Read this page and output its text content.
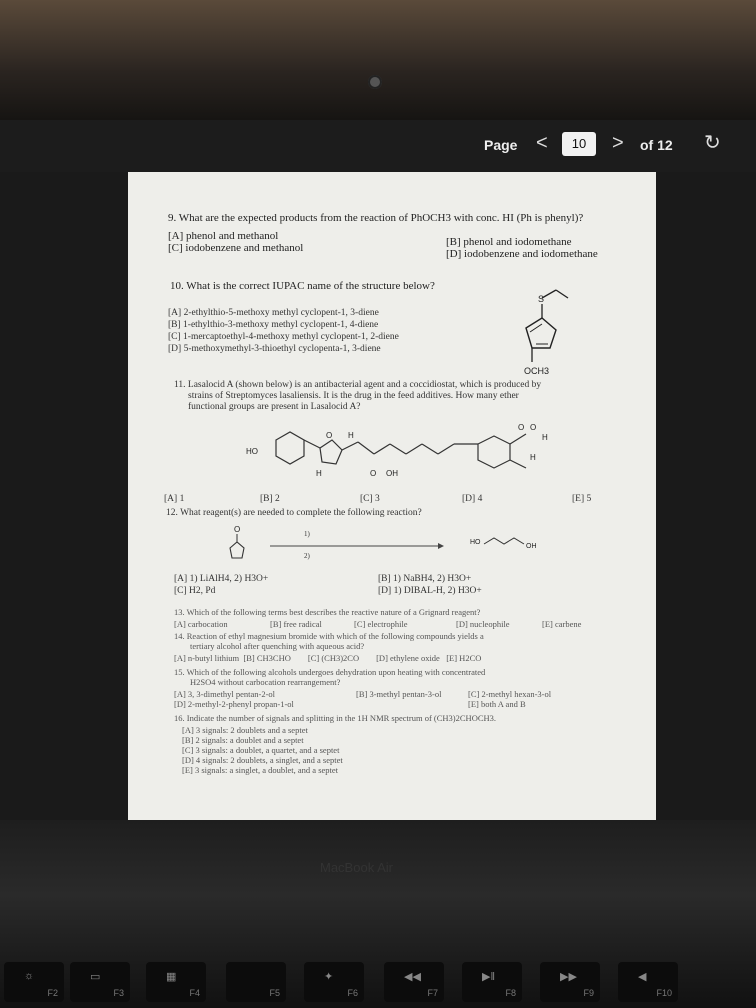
Page <	10	> of 12 ↻
9. What are the expected products from the reaction of PhOCH3 with conc. HI (Ph is phenyl)?
[A] phenol and methanol	[B] phenol and iodomethane
[C] iodobenzene and methanol	[D] iodobenzene and iodomethane
10. What is the correct IUPAC name of the structure below?
[A] 2-ethylthio-5-methoxy methyl cyclopent-1, 3-diene
[B] 1-ethylthio-3-methoxy methyl cyclopent-1, 4-diene
[C] 1-mercaptoethyl-4-methoxy methyl cyclopent-1, 2-diene
[D] 5-methoxymethyl-3-thioethyl cyclopenta-1, 3-diene
S
OCH3
11. Lasalocid A (shown below) is an antibacterial agent and a coccidiostat, which is produced by
strains of Streptomyces lasaliensis. It is the drug in the feed additives. How many ether
functional groups are present in Lasalocid A?
HO
H
O H
O OH
O O
H
H
[A] 1	[B] 2	[C] 3	[D] 4	[E] 5
12. What reagent(s) are needed to complete the following reaction?
O	1)
2)
HO
OH
[A] 1) LiAlH4, 2) H3O+	[B] 1) NaBH4, 2) H3O+
[C] H2, Pd	[D] 1) DIBAL-H, 2) H3O+
13. Which of the following terms best describes the reactive nature of a Grignard reagent?
[A] carbocation	[B] free radical	[C] electrophile	[D] nucleophile	[E] carbene
14. Reaction of ethyl magnesium bromide with which of the following compounds yields a
tertiary alcohol after quenching with aqueous acid?
[A] n-butyl lithium  [B] CH3CHO        [C] (CH3)2CO        [D] ethylene oxide   [E] H2CO
15. Which of the following alcohols undergoes dehydration upon heating with concentrated
H2SO4 without carbocation rearrangement?
[A] 3, 3-dimethyl pentan-2-ol	[B] 3-methyl pentan-3-ol	[C] 2-methyl hexan-3-ol
[D] 2-methyl-2-phenyl propan-1-ol	[E] both A and B
16. Indicate the number of signals and splitting in the 1H NMR spectrum of (CH3)2CHOCH3.
[A] 3 signals: 2 doublets and a septet
[B] 2 signals: a doublet and a septet
[C] 3 signals: a doublet, a quartet, and a septet
[D] 4 signals: 2 doublets, a singlet, and a septet
[E] 3 signals: a singlet, a doublet, and a septet
MacBook Air
☼
F2
▭
F3
▦
F4	F5
✦
F6
◀◀
F7
▶‖
F8
▶▶
F9
◀
F10
